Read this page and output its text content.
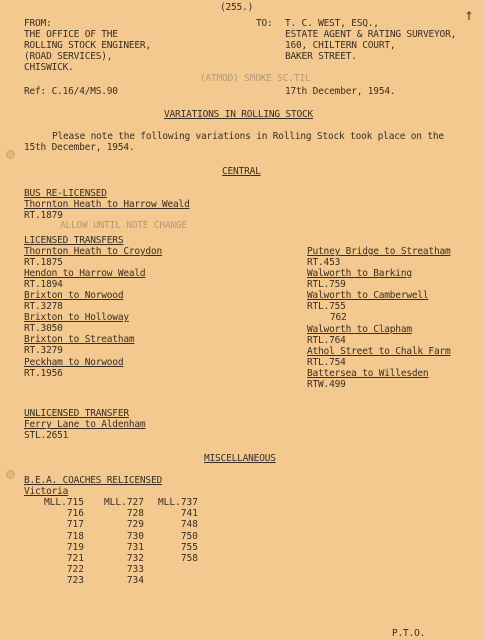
↑
(255.)
FROM:
THE OFFICE OF THE
ROLLING STOCK ENGINEER,
(ROAD SERVICES),
CHISWICK.
TO: T. C. WEST, ESQ.,
ESTATE AGENT & RATING SURVEYOR,
160, CHILTERN COURT,
BAKER STREET.
(ATMOD) SMOKE SC.TIL
Ref: C.16/4/MS.90	17th December, 1954.
VARIATIONS IN ROLLING STOCK
Please note the following variations in Rolling Stock took place on the
15th December, 1954.
CENTRAL
BUS RE-LICENSED
Thornton Heath to Harrow Weald
RT.1879
ALLOW UNTIL NOTE CHANGE
LICENSED TRANSFERS
Thornton Heath to Croydon
RT.1875
Hendon to Harrow Weald
RT.1894
Brixton to Norwood
RT.3278
Brixton to Holloway
RT.3050
Brixton to Streatham
RT.3279
Peckham to Norwood
RT.1956
Putney Bridge to Streatham
RT.453
Walworth to Barking
RTL.759
Walworth to Camberwell
RTL.755
762
Walworth to Clapham
RTL.764
Athol Street to Chalk Farm
RTL.754
Battersea to Willesden
RTW.499
UNLICENSED TRANSFER
Ferry Lane to Aldenham
STL.2651
MISCELLANEOUS
B.E.A. COACHES RELICENSED
Victoria
MLL.715
716
717
718
719
721
722
723
MLL.727
728
729
730
731
732
733
734
MLL.737
741
748
750
755
758
P.T.O.
